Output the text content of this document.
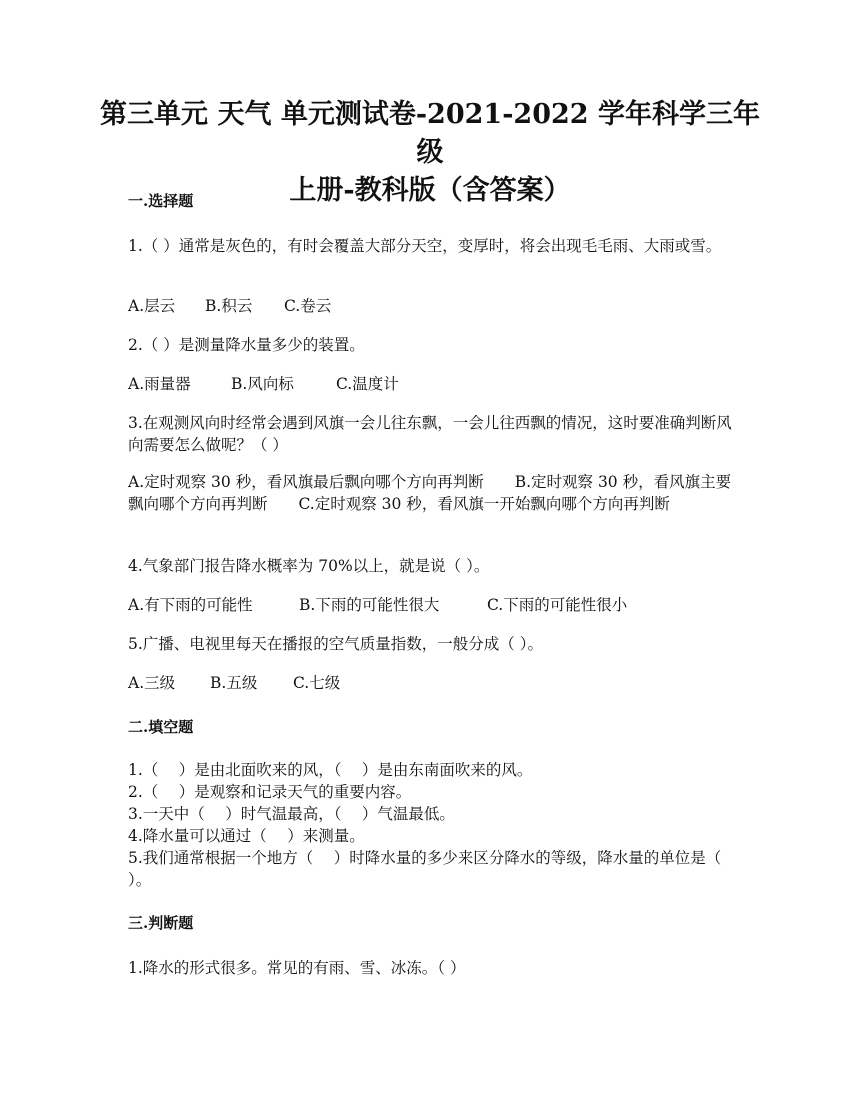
第三单元 天气 单元测试卷-2021-2022 学年科学三年级
上册-教科版（含答案）

一.选择题

1.（ ）通常是灰色的，有时会覆盖大部分天空，变厚时，将会出现毛毛雨、大雨或雪。

A.层云 B.积云 C.卷云

2.（ ）是测量降水量多少的装置。

A.雨量器	B.风向标	C.温度计

3.在观测风向时经常会遇到风旗一会儿往东飘，一会儿往西飘的情况，这时要准确判断风向需要怎么做呢？（ ）

A.定时观察 30 秒，看风旗最后飘向哪个方向再判断　　B.定时观察 30 秒，看风旗主要飘向哪个方向再判断　　C.定时观察 30 秒，看风旗一开始飘向哪个方向再判断

4.气象部门报告降水概率为 70%以上，就是说（ ）。

A.有下雨的可能性	B.下雨的可能性很大	C.下雨的可能性很小

5.广播、电视里每天在播报的空气质量指数，一般分成（ ）。

A.三级 B.五级 C.七级

二.填空题

1.（　 ）是由北面吹来的风，（　 ）是由东南面吹来的风。

2.（　 ）是观察和记录天气的重要内容。

3.一天中（　 ）时气温最高，（　 ）气温最低。

4.降水量可以通过（　 ）来测量。

5.我们通常根据一个地方（　 ）时降水量的多少来区分降水的等级，降水量的单位是（　 ）。

三.判断题

1.降水的形式很多。常见的有雨、雪、冰冻。（ ）
